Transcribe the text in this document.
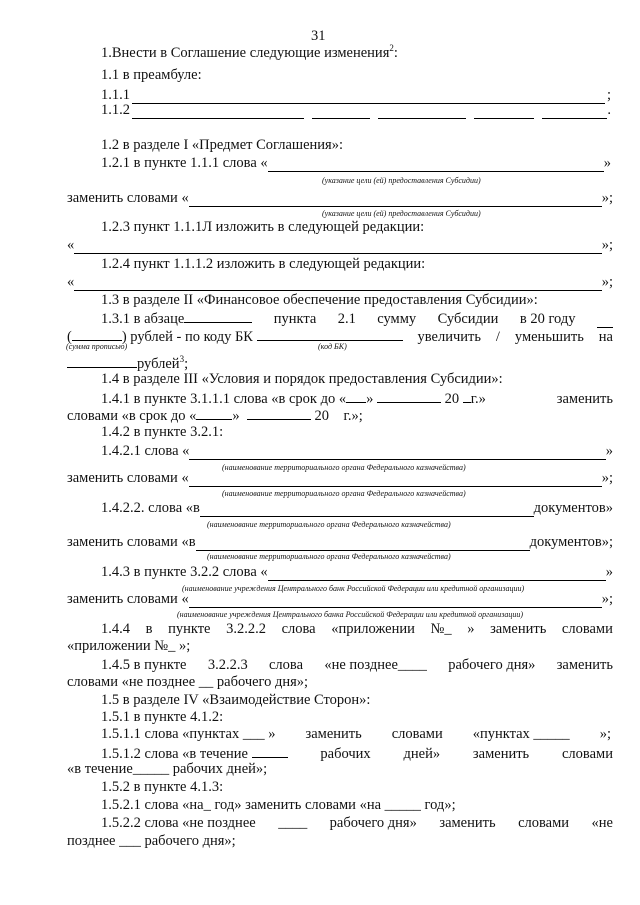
31
1.Внести в Соглашение следующие изменения$^2$:
1.1 в преамбуле:
1.1.1	;
1.1.2	.
1.2 в разделе I «Предмет Соглашения»:
1.2.1 в пункте 1.1.1 слова «	»
(указание цели (ей) предоставления Субсидии)
заменить словами «	»;
(указание цели (ей) предоставления Субсидии)
1.2.3 пункт 1.1.1Л изложить в следующей редакции:
«	»;
1.2.4 пункт 1.1.1.2 изложить в следующей редакции:
«	»;
1.3 в разделе II «Финансовое обеспечение предоставления Субсидии»:
1.3.1 в абзаце	пункта 2.1 сумму Субсидии в 20 году
(	) рублей - по коду БК	увеличить / уменьшить на
(сумма прописью)	(код БК)
рублей$^3$;
1.4 в разделе III «Условия и порядок предоставления Субсидии»:
1.4.1 в пункте 3.1.1.1 слова «в срок до « »	20 г.»	заменить
словами «в срок до « »	20 г.»;
1.4.2 в пункте 3.2.1:
1.4.2.1 слова «	»
(наименование территориального органа Федерального казначейства)
заменить словами «	»;
(наименование территориального органа Федерального казначейства)
1.4.2.2. слова «в	документов»
(наименование территориального органа Федерального казначейства)
заменить словами «в	документов»;
(наименование территориального органа Федерального казначейства)
1.4.3 в пункте 3.2.2 слова «	»
(наименование учреждения Центрального банк Российской Федерации или кредитной организации)
заменить словами «	»;
(наименование учреждения Центрального банка Российской Федерации или кредитной организации)
1.4.4 в пункте 3.2.2.2 слова «приложении №_ » заменить словами
«приложении №_ »;
1.4.5 в пункте 3.2.2.3 слова «не позднее____ рабочего дня» заменить
словами «не позднее __ рабочего дня»;
1.5 в разделе IV «Взаимодействие Сторон»:
1.5.1 в пункте 4.1.2:
1.5.1.1 слова «пунктах ___ » заменить словами «пунктах _____ »;
1.5.1.2 слова «в течение	рабочих дней» заменить словами
«в течение_____ рабочих дней»;
1.5.2 в пункте 4.1.3:
1.5.2.1 слова «на_ год» заменить словами «на _____ год»;
1.5.2.2 слова «не позднее ____ рабочего дня» заменить словами «не
позднее ___ рабочего дня»;
